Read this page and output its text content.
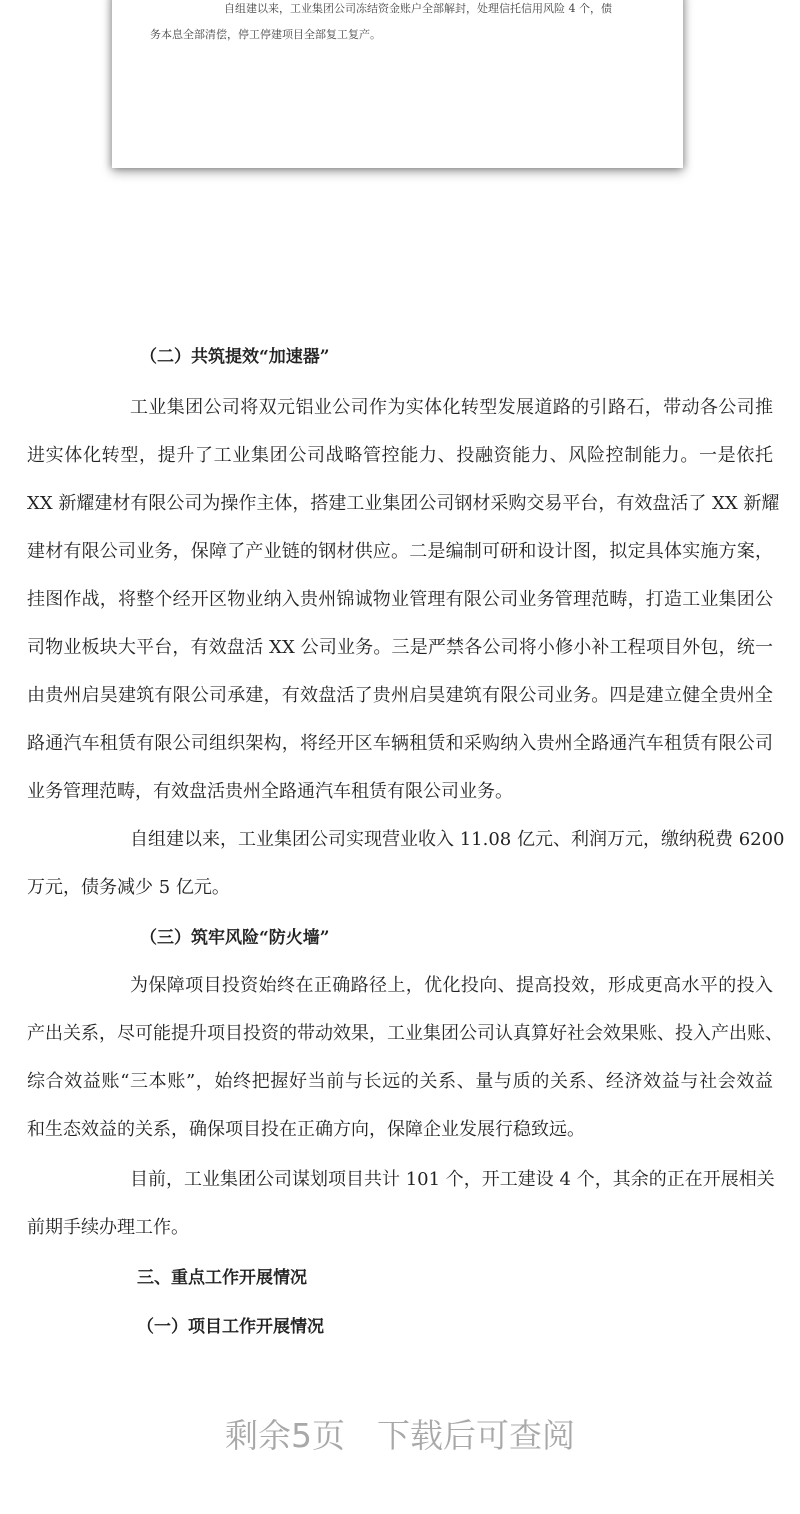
自组建以来，工业集团公司冻结资金账户全部解封，处理信托信用风险 4 个，债
务本息全部清偿，停工停建项目全部复工复产。
（二）共筑提效“加速器”
工业集团公司将双元铝业公司作为实体化转型发展道路的引路石，带动各公司推
进实体化转型，提升了工业集团公司战略管控能力、投融资能力、风险控制能力。一是依托
XX 新耀建材有限公司为操作主体，搭建工业集团公司钢材采购交易平台，有效盘活了 XX 新耀
建材有限公司业务，保障了产业链的钢材供应。二是编制可研和设计图，拟定具体实施方案，
挂图作战，将整个经开区物业纳入贵州锦诚物业管理有限公司业务管理范畴，打造工业集团公
司物业板块大平台，有效盘活 XX 公司业务。三是严禁各公司将小修小补工程项目外包，统一
由贵州启昊建筑有限公司承建，有效盘活了贵州启昊建筑有限公司业务。四是建立健全贵州全
路通汽车租赁有限公司组织架构，将经开区车辆租赁和采购纳入贵州全路通汽车租赁有限公司
业务管理范畴，有效盘活贵州全路通汽车租赁有限公司业务。
自组建以来，工业集团公司实现营业收入 11.08 亿元、利润万元，缴纳税费 6200
万元，债务减少 5 亿元。
（三）筑牢风险“防火墙”
为保障项目投资始终在正确路径上，优化投向、提高投效，形成更高水平的投入
产出关系，尽可能提升项目投资的带动效果，工业集团公司认真算好社会效果账、投入产出账、
综合效益账“三本账”，始终把握好当前与长远的关系、量与质的关系、经济效益与社会效益
和生态效益的关系，确保项目投在正确方向，保障企业发展行稳致远。
目前，工业集团公司谋划项目共计 101 个，开工建设 4 个，其余的正在开展相关
前期手续办理工作。
三、重点工作开展情况
（一）项目工作开展情况
剩余5页 下载后可查阅
